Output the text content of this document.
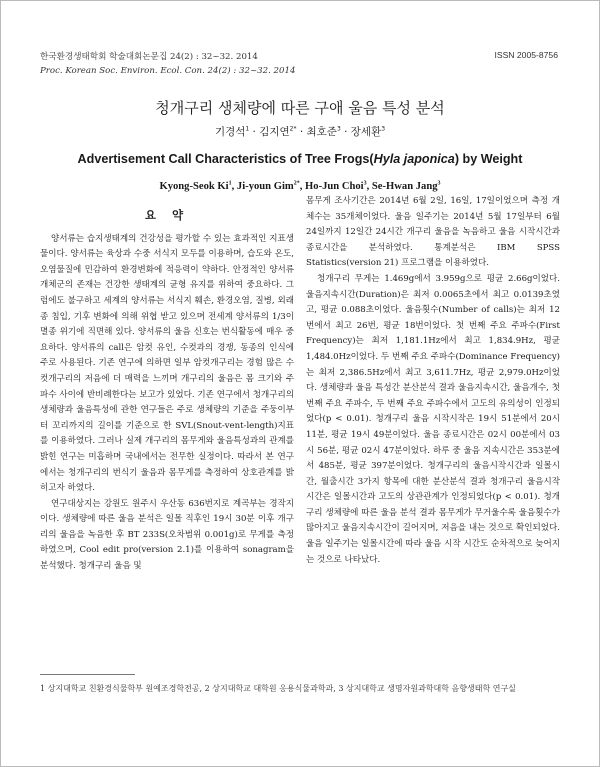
한국환경생태학회 학술대회논문집 24(2) : 32~32. 2014
Proc. Korean Soc. Environ. Ecol. Con. 24(2) : 32~32. 2014
ISSN 2005-8756
청개구리 생체량에 따른 구애 울음 특성 분석
기경석$^1$ · 김지연$^{2*}$ · 최호준$^3$ · 장세환$^3$
Advertisement Call Characteristics of Tree Frogs(Hyla japonica) by Weight
Kyong-Seok Ki$^1$, Ji-youn Gim$^{2*}$, Ho-Jun Choi$^3$, Se-Hwan Jang$^3$
요 약

양서류는 습지생태계의 건강성을 평가할 수 있는 효과적인 지표생물이다. 양서류는 육상과 수중 서식지 모두를 이용하며, 습도와 온도, 오염물질에 민감하여 환경변화에 적응력이 약하다. 안정적인 양서류 개체군의 존재는 건강한 생태계의 균형 유지를 위하여 중요하다. 그럼에도 불구하고 세계의 양서류는 서식지 훼손, 환경오염, 질병, 외래종 침입, 기후 변화에 의해 위협 받고 있으며 전세계 양서류의 1/3이 멸종 위기에 직면해 있다. 양서류의 울음 신호는 번식활동에 매우 중요하다. 양서류의 call은 암컷 유인, 수컷과의 경쟁, 동종의 인식에 주로 사용된다. 기존 연구에 의하면 일부 암컷개구리는 경험 많은 수컷개구리의 저음에 더 매력을 느끼며 개구리의 울음은 몸 크기와 주파수 사이에 반비례한다는 보고가 있었다. 기존 연구에서 청개구리의 생체량과 울음특성에 관한 연구들은 주로 생체량의 기준을 주둥이부터 꼬리까지의 길이를 기준으로 한 SVL(Snout-vent-length)지표를 이용하였다. 그러나 실제 개구리의 몸무게와 울음특성과의 관계를 밝힌 연구는 미흡하며 국내에서는 전무한 실정이다. 따라서 본 연구에서는 청개구리의 번식기 울음과 몸무게를 측정하여 상호관계를 밝히고자 하였다.

연구대상지는 강원도 원주시 우산동 636번지로 계곡부는 경작지이다. 생체량에 따른 울음 분석은 일몰 직후인 19시 30분 이후 개구리의 울음을 녹음한 후 BT 233S(오차범위 0.001g)로 무게를 측정하였으며, Cool edit pro(version 2.1)를 이용하여 sonagram을 분석했다. 청개구리 울음 및

몸무게 조사기간은 2014년 6월 2일, 16일, 17일이었으며 측정 개체수는 35개체이었다. 울음 일주기는 2014년 5월 17일부터 6월 24일까지 12일간 24시간 개구리 울음을 녹음하고 울음 시작시간과 종료시간을 분석하였다. 통계분석은 IBM SPSS Statistics(version 21) 프로그램을 이용하였다.

청개구리 무게는 1.469g에서 3.959g으로 평균 2.66g이었다. 울음지속시간(Duration)은 최저 0.0065초에서 최고 0.0139초였고, 평균 0.088초이었다. 울음횟수(Number of calls)는 최저 12번에서 최고 26번, 평균 18번이었다. 첫 번째 주요 주파수(First Frequency)는 최저 1,181.1Hz에서 최고 1,834.9Hz, 평균 1,484.0Hz이었다. 두 번째 주요 주파수(Dominance Frequency)는 최저 2,386.5Hz에서 최고 3,611.7Hz, 평균 2,979.0Hz이었다. 생체량과 울음 특성간 분산분석 결과 울음지속시간, 울음개수, 첫 번째 주요 주파수, 두 번째 주요 주파수에서 고도의 유의성이 인정되었다(p < 0.01). 청개구리 울음 시작시작은 19시 51분에서 20시 11분, 평균 19시 49분이었다. 울음 종료시간은 02시 00분에서 03시 56분, 평균 02시 47분이었다. 하루 중 울음 지속시간은 353분에서 485분, 평균 397분이었다. 청개구리의 울음시작시간과 일몰시간, 월출시간 3가지 항목에 대한 분산분석 결과 청개구리 울음시작 시간은 일몰시간과 고도의 상관관계가 인정되었다(p < 0.01). 청개구리 생체량에 따른 울음 분석 결과 몸무게가 무거울수록 울음횟수가 많아지고 울음지속시간이 길어지며, 저음을 내는 것으로 확인되었다. 울음 일주기는 일몰시간에 따라 울음 시작 시간도 순차적으로 늦어지는 것으로 나타났다.

1 상지대학교 친환경식물학부 원예조경학전공, 2 상지대학교 대학원 응용식물과학과, 3 상지대학교 생명자원과학대학 음향생태학 연구실
